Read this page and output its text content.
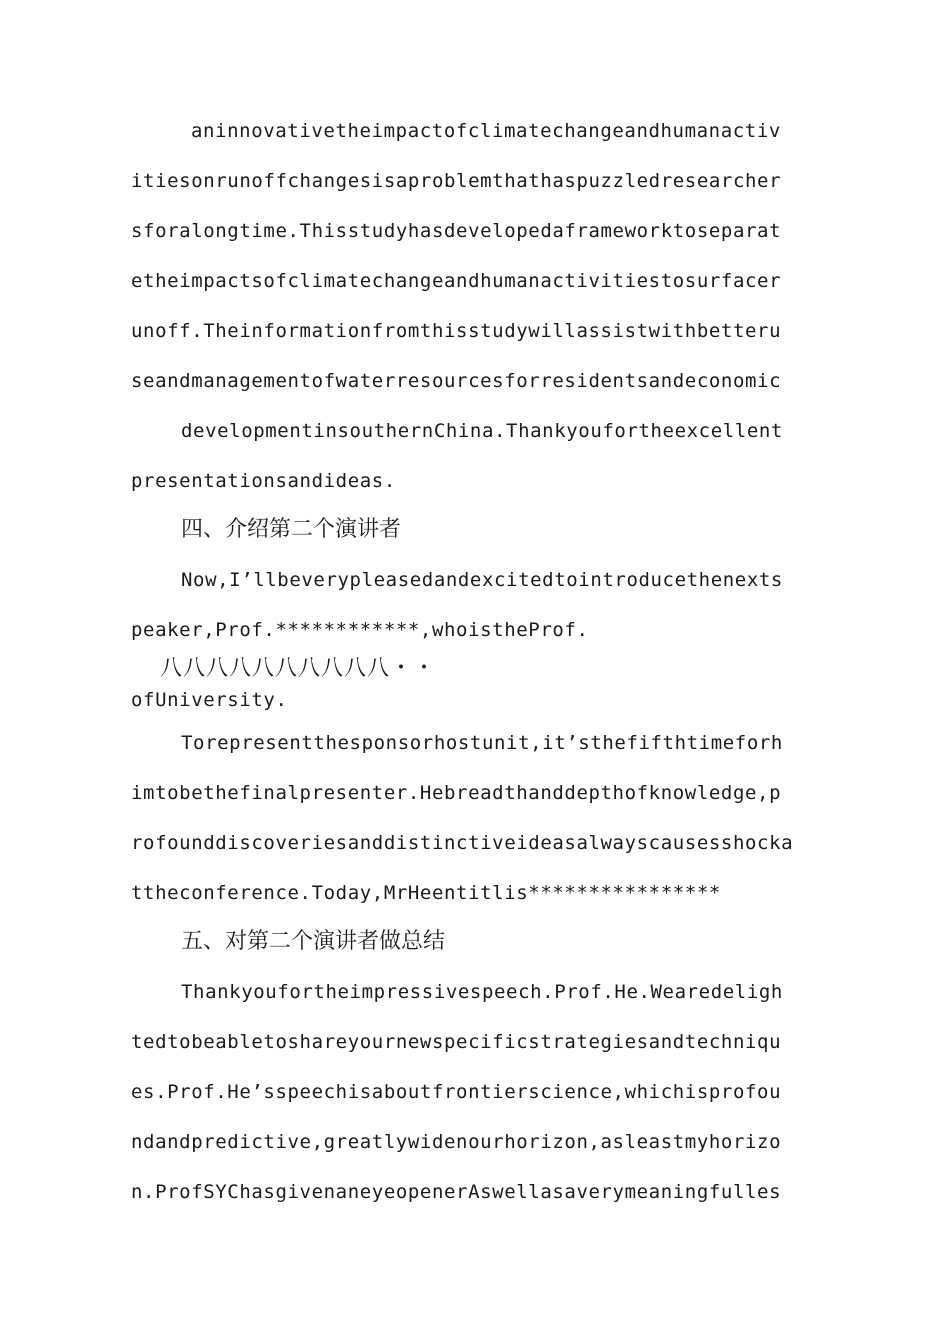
aninnovativetheimpactofclimatechangeandhumanactiv
itiesonrunoffchangesisaproblemthathaspuzzledresearcher
sforalongtime.Thisstudyhasdevelopedaframeworktoseparat
etheimpactsofclimatechangeandhumanactivitiestosurfacer
unoff.Theinformationfromthisstudywillassistwithbetteru
seandmanagementofwaterresourcesforresidentsandeconomic
developmentinsouthernChina.Thankyoufortheexcellent
presentationsandideas.
四、介绍第二个演讲者
Now,I’llbeverypleasedandexcitedtointroducethenexts
peaker,Prof.************,whoistheProf.
八八八八八八八八八八・・
ofUniversity.
Torepresentthesponsorhostunit,it’sthefifthtimeforh
imtobethefinalpresenter.Hebreadthanddepthofknowledge,p
rofounddiscoveriesanddistinctiveideasalwayscausesshocka
ttheconference.Today,MrHeentitlis****************
五、对第二个演讲者做总结
Thankyoufortheimpressivespeech.Prof.He.Wearedeligh
tedtobeabletoshareyournewspecificstrategiesandtechniqu
es.Prof.He’sspeechisaboutfrontierscience,whichisprofou
ndandpredictive,greatlywidenourhorizon,asleastmyhorizo
n.ProfSYChasgivenaneyeopenerAswellasaverymeaningfulles
